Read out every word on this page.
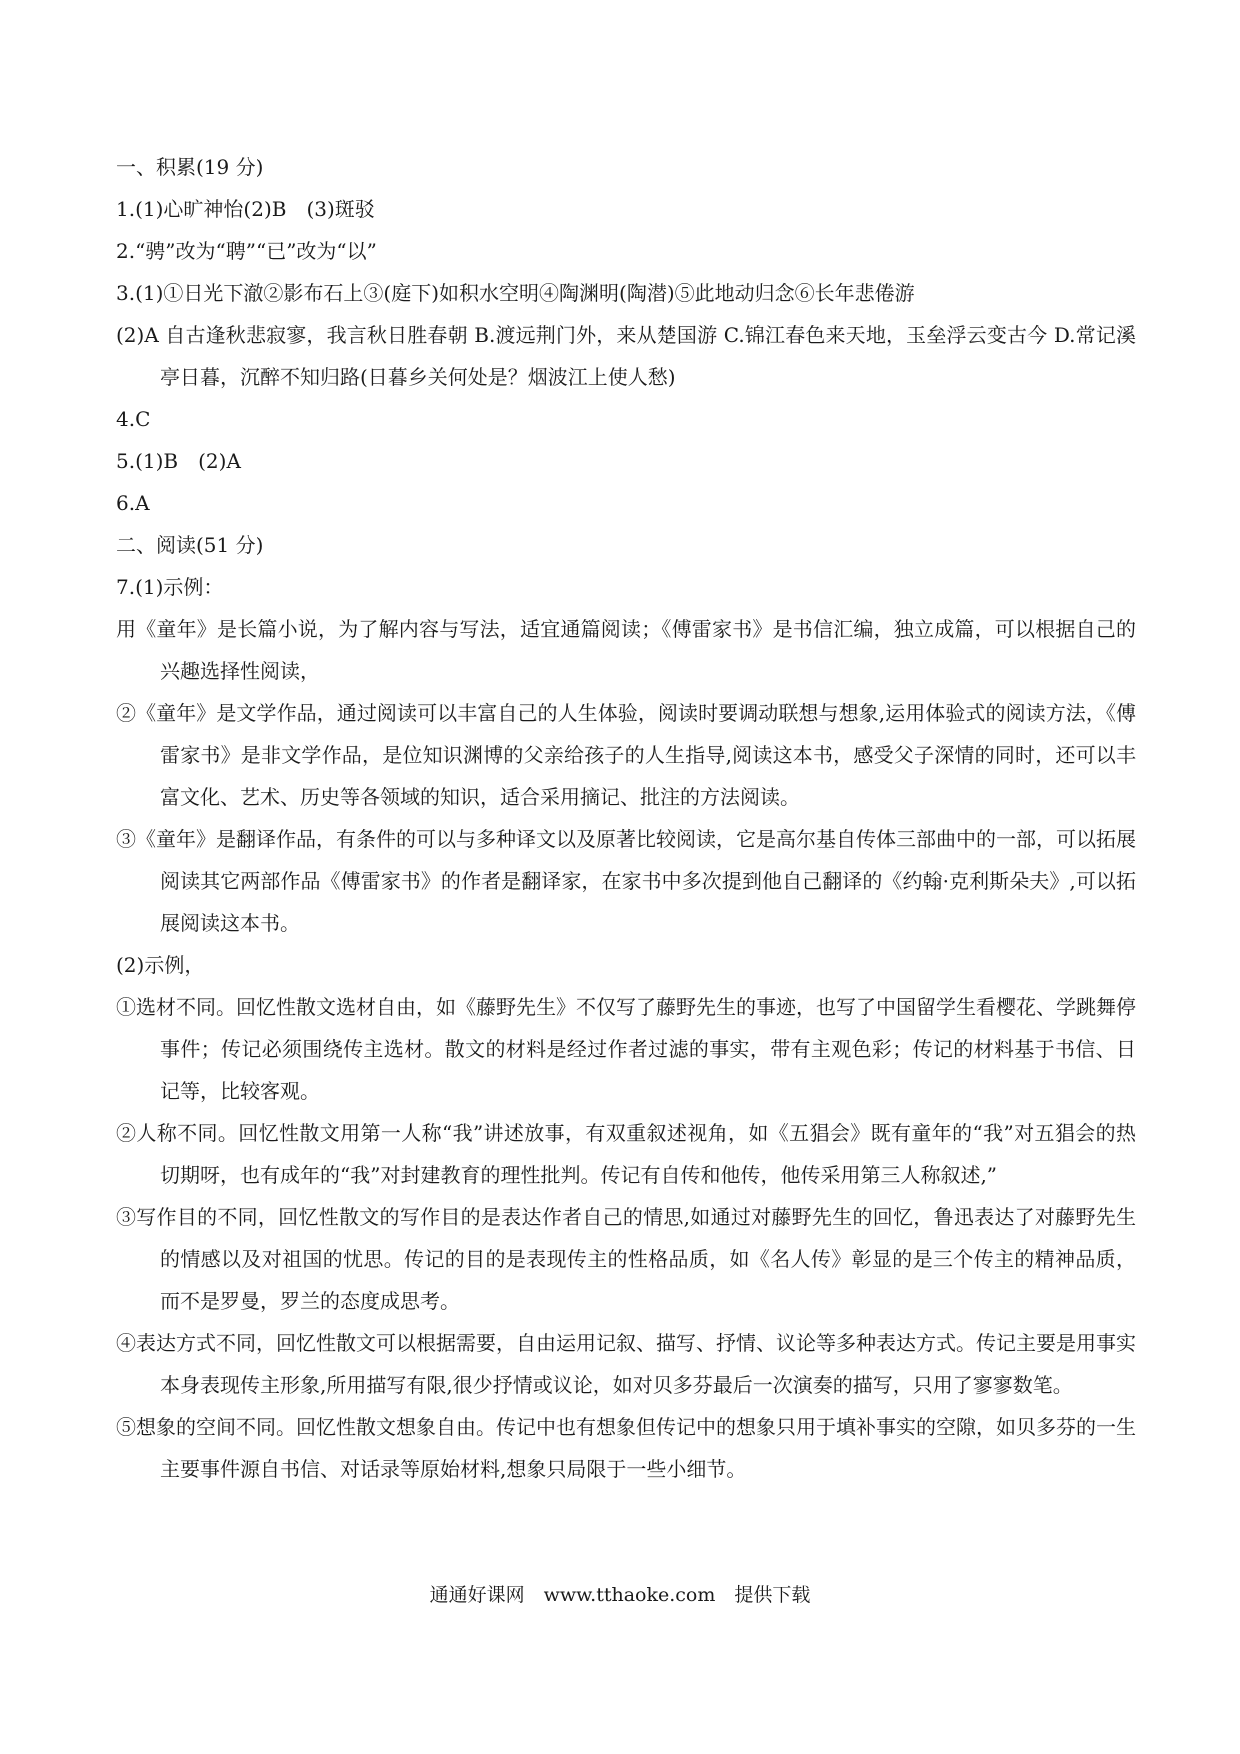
一、积累(19 分)

1.(1)心旷神怡(2)B　(3)斑驳

2.“骋”改为“聘”“已”改为“以”

3.(1)①日光下澈②影布石上③(庭下)如积水空明④陶渊明(陶潜)⑤此地动归念⑥长年悲倦游

(2)A 自古逢秋悲寂寥，我言秋日胜春朝 B.渡远荆门外，来从楚国游 C.锦江春色来天地，玉垒浮云变古今 D.常记溪亭日暮，沉醉不知归路(日暮乡关何处是？烟波江上使人愁)

4.C

5.(1)B　(2)A

6.A

二、阅读(51 分)

7.(1)示例：

用《童年》是长篇小说，为了解内容与写法，适宜通篇阅读；《傅雷家书》是书信汇编，独立成篇，可以根据自己的兴趣选择性阅读，

②《童年》是文学作品，通过阅读可以丰富自己的人生体验，阅读时要调动联想与想象,运用体验式的阅读方法，《傅雷家书》是非文学作品，是位知识渊博的父亲给孩子的人生指导,阅读这本书，感受父子深情的同时，还可以丰富文化、艺术、历史等各领域的知识，适合采用摘记、批注的方法阅读。

③《童年》是翻译作品，有条件的可以与多种译文以及原著比较阅读，它是高尔基自传体三部曲中的一部，可以拓展阅读其它两部作品《傅雷家书》的作者是翻译家，在家书中多次提到他自己翻译的《约翰·克利斯朵夫》,可以拓展阅读这本书。

(2)示例，

①选材不同。回忆性散文选材自由，如《藤野先生》不仅写了藤野先生的事迹，也写了中国留学生看樱花、学跳舞停事件；传记必须围绕传主选材。散文的材料是经过作者过滤的事实，带有主观色彩；传记的材料基于书信、日记等，比较客观。

②人称不同。回忆性散文用第一人称“我”讲述放事，有双重叙述视角，如《五猖会》既有童年的“我”对五猖会的热切期呀，也有成年的“我”对封建教育的理性批判。传记有自传和他传，他传采用第三人称叙述,”

③写作目的不同，回忆性散文的写作目的是表达作者自己的情思,如通过对藤野先生的回忆，鲁迅表达了对藤野先生的情感以及对祖国的忧思。传记的目的是表现传主的性格品质，如《名人传》彰显的是三个传主的精神品质，而不是罗曼，罗兰的态度成思考。

④表达方式不同，回忆性散文可以根据需要，自由运用记叙、描写、抒情、议论等多种表达方式。传记主要是用事实本身表现传主形象,所用描写有限,很少抒情或议论，如对贝多芬最后一次演奏的描写，只用了寥寥数笔。

⑤想象的空间不同。回忆性散文想象自由。传记中也有想象但传记中的想象只用于填补事实的空隙，如贝多芬的一生主要事件源自书信、对话录等原始材料,想象只局限于一些小细节。

通通好课网　www.tthaoke.com　提供下载
